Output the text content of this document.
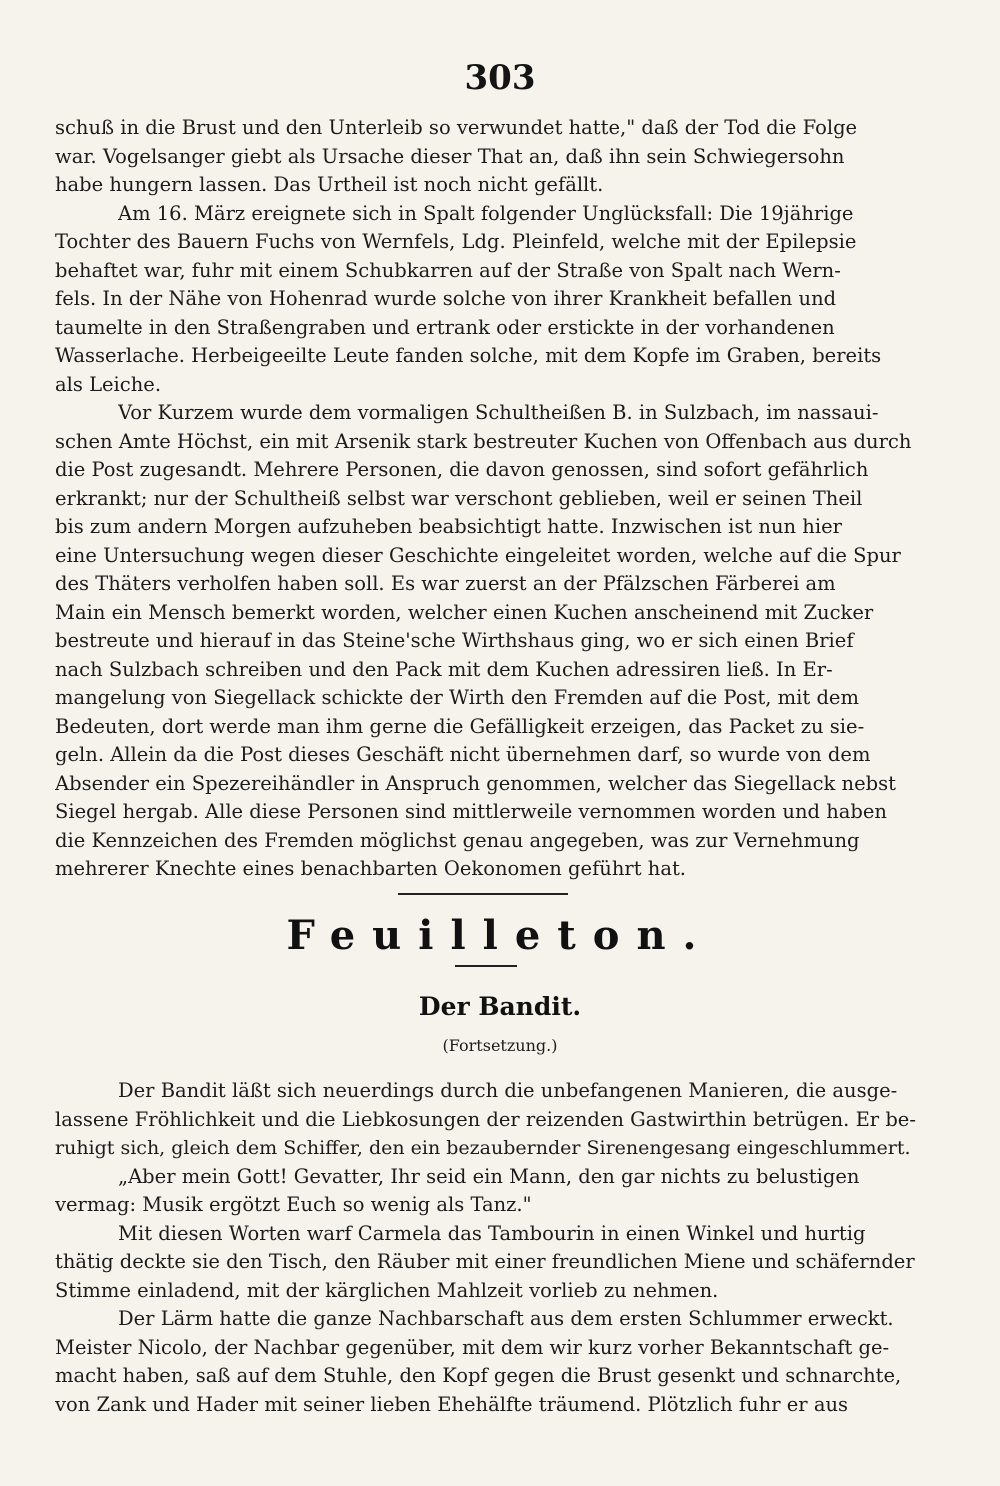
303
schuß in die Brust und den Unterleib so verwundet hatte," daß der Tod die Folge
war. Vogelsanger giebt als Ursache dieser That an, daß ihn sein Schwiegersohn
habe hungern lassen. Das Urtheil ist noch nicht gefällt.
Am 16. März ereignete sich in Spalt folgender Unglücksfall: Die 19jährige
Tochter des Bauern Fuchs von Wernfels, Ldg. Pleinfeld, welche mit der Epilepsie
behaftet war, fuhr mit einem Schubkarren auf der Straße von Spalt nach Wern-
fels. In der Nähe von Hohenrad wurde solche von ihrer Krankheit befallen und
taumelte in den Straßengraben und ertrank oder erstickte in der vorhandenen
Wasserlache. Herbeigeeilte Leute fanden solche, mit dem Kopfe im Graben, bereits
als Leiche.
Vor Kurzem wurde dem vormaligen Schultheißen B. in Sulzbach, im nassaui-
schen Amte Höchst, ein mit Arsenik stark bestreuter Kuchen von Offenbach aus durch
die Post zugesandt. Mehrere Personen, die davon genossen, sind sofort gefährlich
erkrankt; nur der Schultheiß selbst war verschont geblieben, weil er seinen Theil
bis zum andern Morgen aufzuheben beabsichtigt hatte. Inzwischen ist nun hier
eine Untersuchung wegen dieser Geschichte eingeleitet worden, welche auf die Spur
des Thäters verholfen haben soll. Es war zuerst an der Pfälzschen Färberei am
Main ein Mensch bemerkt worden, welcher einen Kuchen anscheinend mit Zucker
bestreute und hierauf in das Steine'sche Wirthshaus ging, wo er sich einen Brief
nach Sulzbach schreiben und den Pack mit dem Kuchen adressiren ließ. In Er-
mangelung von Siegellack schickte der Wirth den Fremden auf die Post, mit dem
Bedeuten, dort werde man ihm gerne die Gefälligkeit erzeigen, das Packet zu sie-
geln. Allein da die Post dieses Geschäft nicht übernehmen darf, so wurde von dem
Absender ein Spezereihändler in Anspruch genommen, welcher das Siegellack nebst
Siegel hergab. Alle diese Personen sind mittlerweile vernommen worden und haben
die Kennzeichen des Fremden möglichst genau angegeben, was zur Vernehmung
mehrerer Knechte eines benachbarten Oekonomen geführt hat.
Feuilleton.
Der Bandit.
(Fortsetzung.)
Der Bandit läßt sich neuerdings durch die unbefangenen Manieren, die ausge-
lassene Fröhlichkeit und die Liebkosungen der reizenden Gastwirthin betrügen. Er be-
ruhigt sich, gleich dem Schiffer, den ein bezaubernder Sirenengesang eingeschlummert.
„Aber mein Gott! Gevatter, Ihr seid ein Mann, den gar nichts zu belustigen
vermag: Musik ergötzt Euch so wenig als Tanz."
Mit diesen Worten warf Carmela das Tambourin in einen Winkel und hurtig
thätig deckte sie den Tisch, den Räuber mit einer freundlichen Miene und schäfernder
Stimme einladend, mit der kärglichen Mahlzeit vorlieb zu nehmen.
Der Lärm hatte die ganze Nachbarschaft aus dem ersten Schlummer erweckt.
Meister Nicolo, der Nachbar gegenüber, mit dem wir kurz vorher Bekanntschaft ge-
macht haben, saß auf dem Stuhle, den Kopf gegen die Brust gesenkt und schnarchte,
von Zank und Hader mit seiner lieben Ehehälfte träumend. Plötzlich fuhr er aus
